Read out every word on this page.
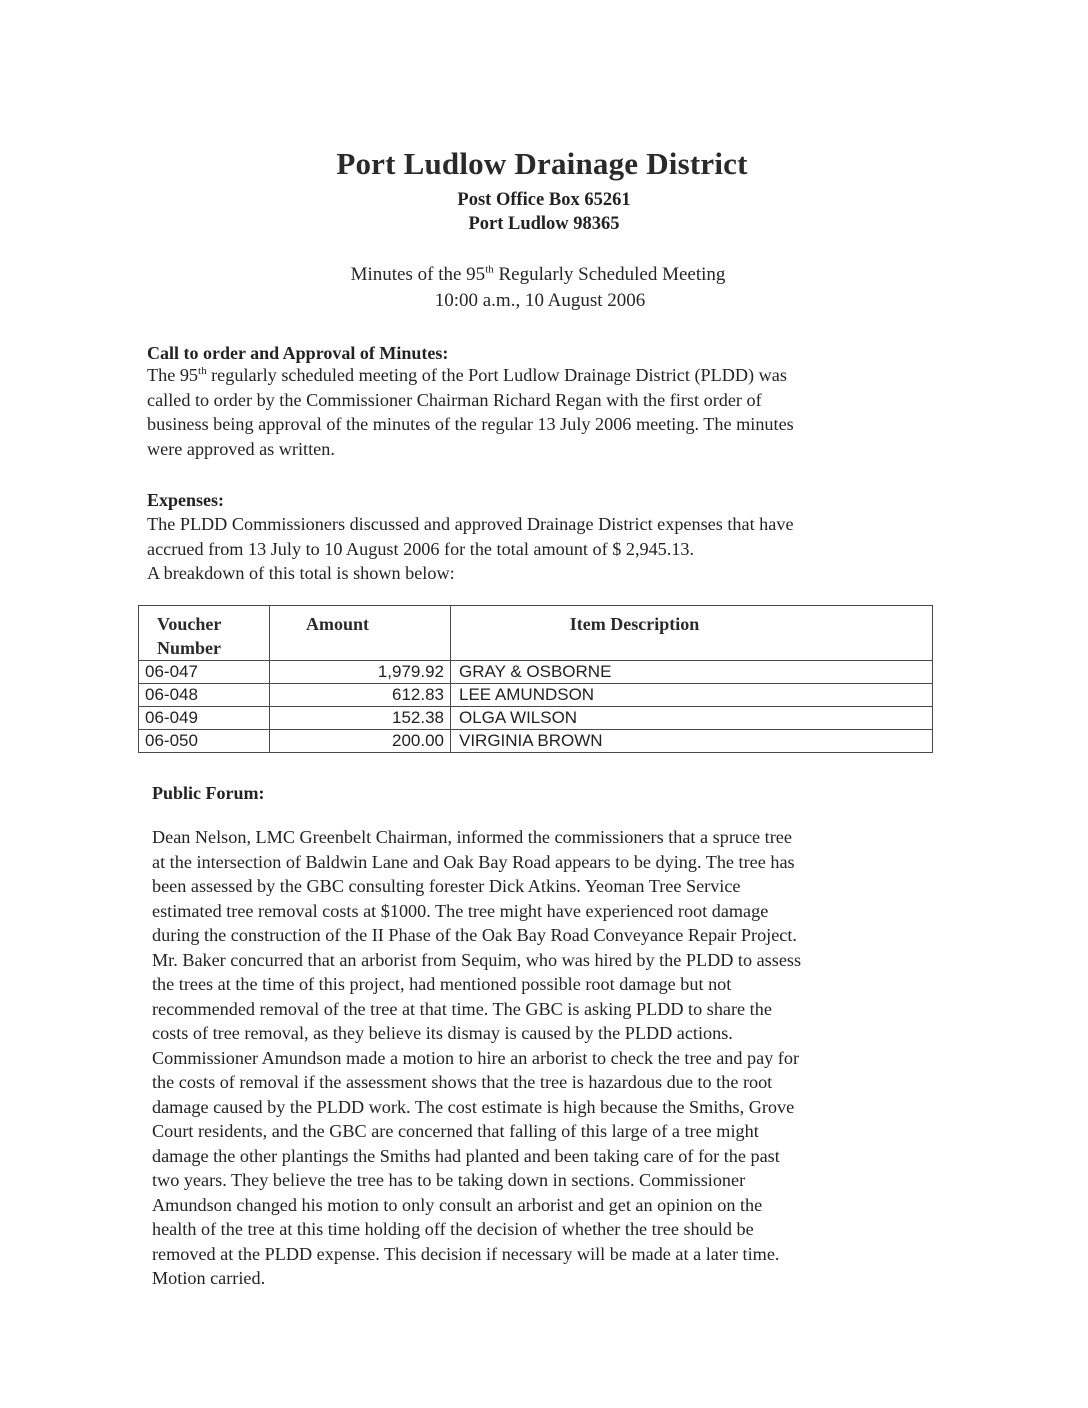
Port Ludlow Drainage District
Post Office Box 65261
Port Ludlow 98365
Minutes of the 95th Regularly Scheduled Meeting
10:00 a.m., 10 August 2006
Call to order and Approval of Minutes:
The 95th regularly scheduled meeting of the Port Ludlow Drainage District (PLDD) was
called to order by the Commissioner Chairman Richard Regan with the first order of
business being approval of the minutes of the regular 13 July 2006 meeting. The minutes
were approved as written.
Expenses:
The PLDD Commissioners discussed and approved Drainage District expenses that have
accrued from 13 July to 10 August 2006 for the total amount of $ 2,945.13.
A breakdown of this total is shown below:
Voucher
Number	Amount	Item Description
06-047	1,979.92	GRAY & OSBORNE
06-048	612.83	LEE AMUNDSON
06-049	152.38	OLGA WILSON
06-050	200.00	VIRGINIA BROWN
Public Forum:
Dean Nelson, LMC Greenbelt Chairman, informed the commissioners that a spruce tree
at the intersection of Baldwin Lane and Oak Bay Road appears to be dying. The tree has
been assessed by the GBC consulting forester Dick Atkins. Yeoman Tree Service
estimated tree removal costs at $1000. The tree might have experienced root damage
during the construction of the II Phase of the Oak Bay Road Conveyance Repair Project.
Mr. Baker concurred that an arborist from Sequim, who was hired by the PLDD to assess
the trees at the time of this project, had mentioned possible root damage but not
recommended removal of the tree at that time. The GBC is asking PLDD to share the
costs of tree removal, as they believe its dismay is caused by the PLDD actions.
Commissioner Amundson made a motion to hire an arborist to check the tree and pay for
the costs of removal if the assessment shows that the tree is hazardous due to the root
damage caused by the PLDD work. The cost estimate is high because the Smiths, Grove
Court residents, and the GBC are concerned that falling of this large of a tree might
damage the other plantings the Smiths had planted and been taking care of for the past
two years. They believe the tree has to be taking down in sections. Commissioner
Amundson changed his motion to only consult an arborist and get an opinion on the
health of the tree at this time holding off the decision of whether the tree should be
removed at the PLDD expense. This decision if necessary will be made at a later time.
Motion carried.
